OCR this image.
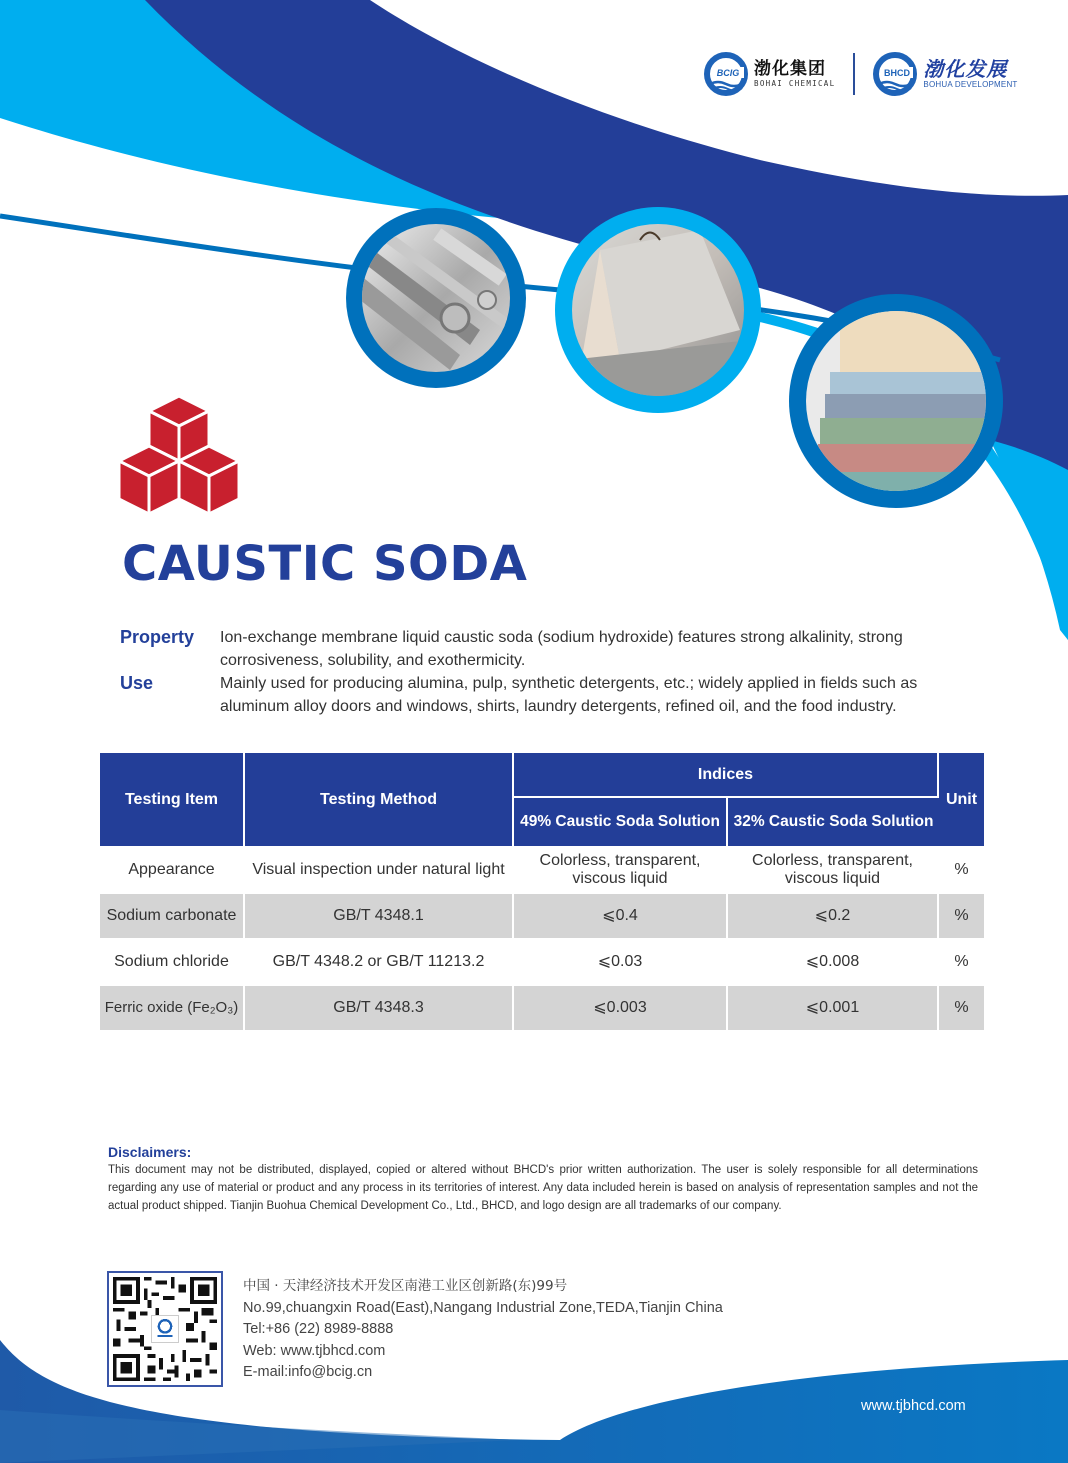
BCIG 渤化集团
BOHAI CHEMICAL
BHCD 渤化发展
BOHUA DEVELOPMENT
CAUSTIC SODA
Property	Ion-exchange membrane liquid caustic soda (sodium hydroxide) features strong alkalinity, strong corrosiveness, solubility, and exothermicity.
Use	Mainly used for producing alumina, pulp, synthetic detergents, etc.; widely applied in fields such as aluminum alloy doors and windows, shirts, laundry detergents, refined oil, and the food industry.
Testing Item	Testing Method	Indices		Unit
		49% Caustic Soda Solution	32% Caustic Soda Solution	
Appearance	Visual inspection under natural light	Colorless, transparent, viscous liquid	Colorless, transparent, viscous liquid	%
Sodium carbonate	GB/T 4348.1	⩽0.4	⩽0.2	%
Sodium chloride	GB/T 4348.2 or GB/T 11213.2	⩽0.03	⩽0.008	%
Ferric oxide (Fe₂O₃)	GB/T 4348.3	⩽0.003	⩽0.001	%
Disclaimers:
This document may not be distributed, displayed, copied or altered without BHCD's prior written authorization. The user is solely responsible for all determinations regarding any use of material or product and any process in its territories of interest. Any data included herein is based on analysis of representation samples and not the actual product shipped. Tianjin Buohua Chemical Development Co., Ltd., BHCD, and logo design are all trademarks of our company.
中国 · 天津经济技术开发区南港工业区创新路(东)99号
No.99,chuangxin Road(East),Nangang Industrial Zone,TEDA,Tianjin China
Tel:+86 (22) 8989-8888
Web: www.tjbhcd.com
E-mail:info@bcig.cn
www.tjbhcd.com
